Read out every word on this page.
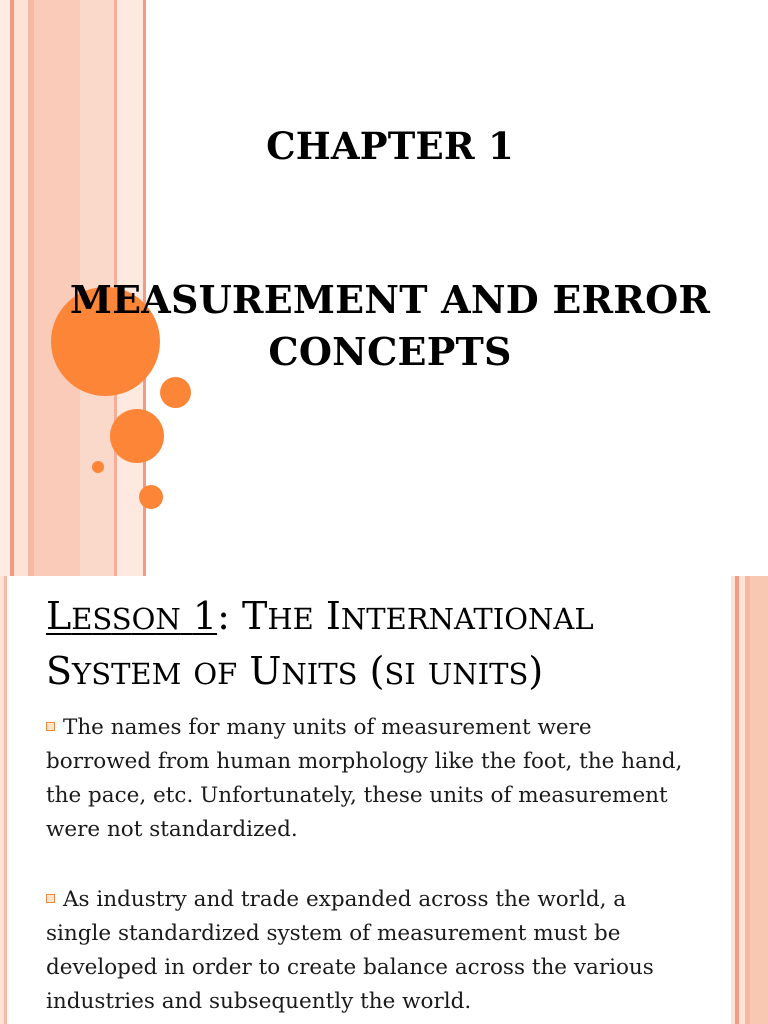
CHAPTER 1
MEASUREMENT AND ERROR
CONCEPTS
LESSON 1: THE INTERNATIONAL
SYSTEM OF UNITS (SI UNITS)
The names for many units of measurement were borrowed from human morphology like the foot, the hand, the pace, etc. Unfortunately, these units of measurement were not standardized.
As industry and trade expanded across the world, a single standardized system of measurement must be developed in order to create balance across the various industries and subsequently the world.
